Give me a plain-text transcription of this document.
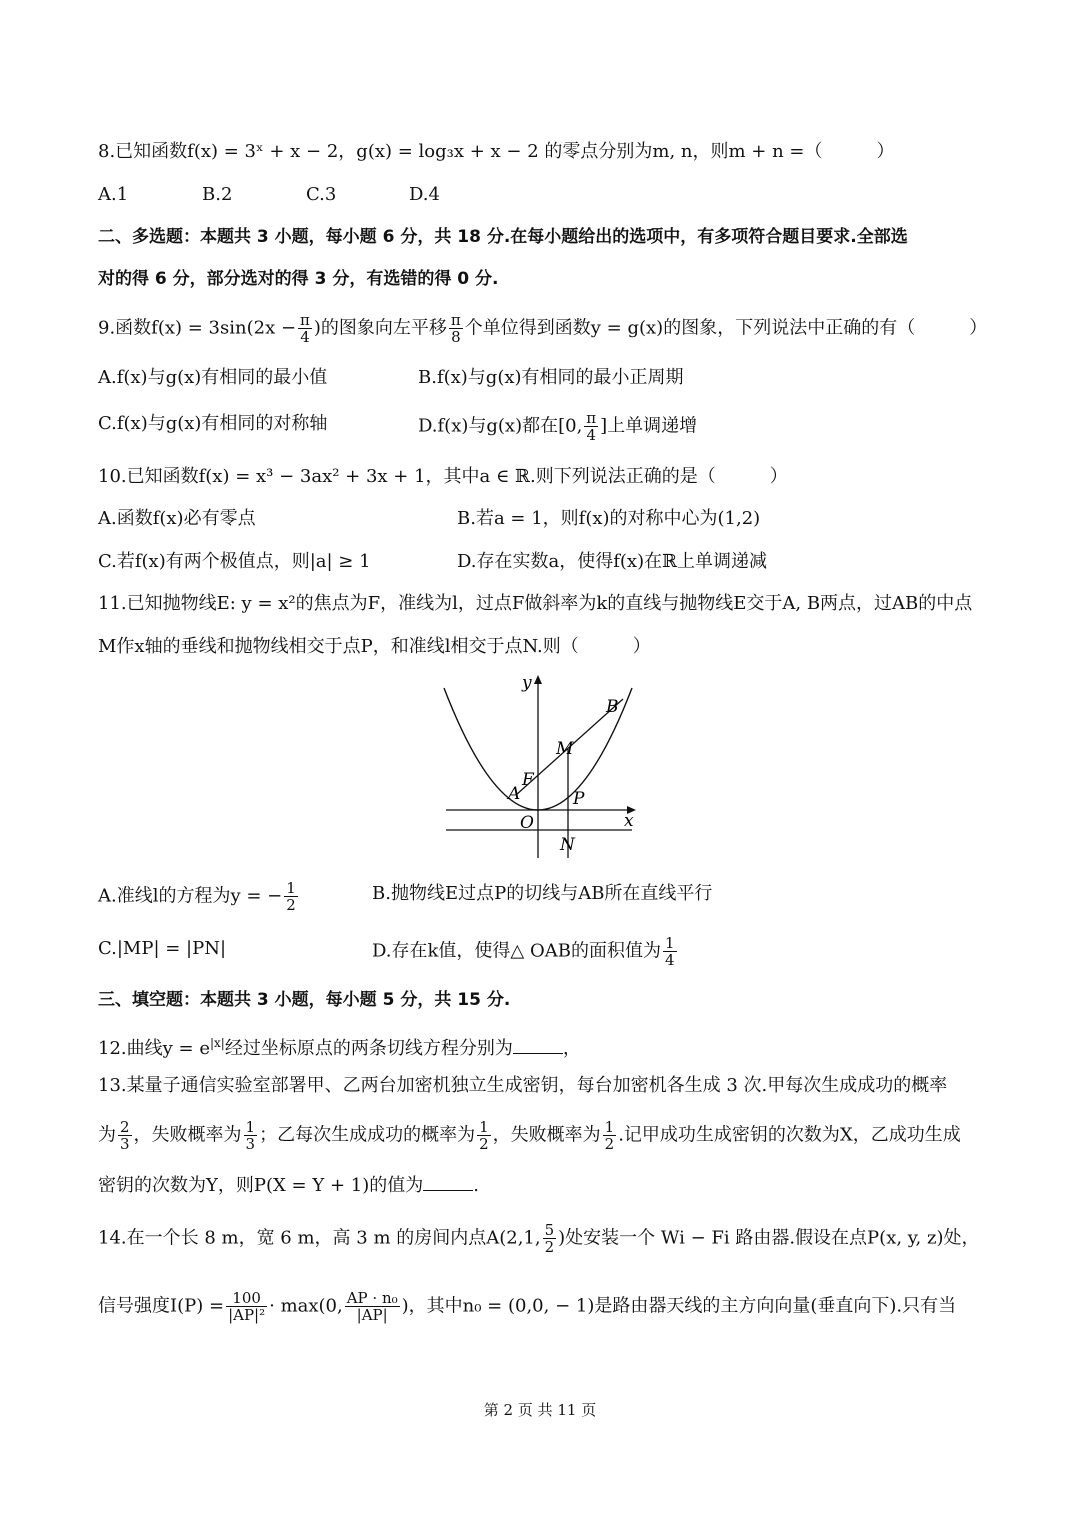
8.已知函数f(x) = 3ˣ + x − 2，g(x) = log₃x + x − 2 的零点分别为m, n，则m + n =（　　　）
A.1	B.2	C.3	D.4
二、多选题：本题共 3 小题，每小题 6 分，共 18 分.在每小题给出的选项中，有多项符合题目要求.全部选
对的得 6 分，部分选对的得 3 分，有选错的得 0 分.
9.函数$f(x) = 3\sin(2x - \frac{\pi}{4}$ )的图象向左平移 $\frac{\pi}{8}$ 个单位得到函数y = g(x)的图象，下列说法中正确的有（　　　）
A.f(x)与g(x)有相同的最小值	B.f(x)与g(x)有相同的最小正周期
C.f(x)与g(x)有相同的对称轴	D.f(x)与g(x)都在[0, $\frac{\pi}{4}$ ]上单调递增
10.已知函数f(x) = x³ − 3ax² + 3x + 1，其中a ∈ ℝ.则下列说法正确的是（　　　）
A.函数f(x)必有零点	B.若a = 1，则f(x)的对称中心为(1,2)
C.若f(x)有两个极值点，则|a| ≥ 1	D.存在实数a，使得f(x)在ℝ上单调递减
11.已知抛物线E: y = x²的焦点为F，准线为l，过点F做斜率为k的直线与抛物线E交于A, B两点，过AB的中点
M作x轴的垂线和抛物线相交于点P，和准线l相交于点N.则（　　　）
y
x
O
A
F
M
B
P
N
A.准线l的方程为y = − $\frac{1}{2}$	B.抛物线E过点P的切线与AB所在直线平行
C.|MP| = |PN|	D.存在k值，使得△ OAB的面积值为 $\frac{1}{4}$
三、填空题：本题共 3 小题，每小题 5 分，共 15 分.
12.曲线$y = e^{|x|}$经过坐标原点的两条切线方程分别为	，
13.某量子通信实验室部署甲、乙两台加密机独立生成密钥，每台加密机各生成 3 次.甲每次生成成功的概率
为 $\frac{2}{3}$ ，失败概率为 $\frac{1}{3}$ ；乙每次生成成功的概率为 $\frac{1}{2}$ ，失败概率为 $\frac{1}{2}$ .记甲成功生成密钥的次数为X，乙成功生成
密钥的次数为Y，则P(X = Y + 1)的值为	.
14.在一个长 8 m，宽 6 m，高 3 m 的房间内点A(2,1, $\frac{5}{2}$ )处安装一个 Wi − Fi 路由器.假设在点P(x, y, z)处，
信号强度$I(P) = \frac{100}{\text{|AP|²}} \cdot \max(0$, $\frac{\text{AP · n₀}}{|AP|}$ )，其中n₀ = (0,0, − 1)是路由器天线的主方向向量(垂直向下).只有当
第 2 页 共 11 页
